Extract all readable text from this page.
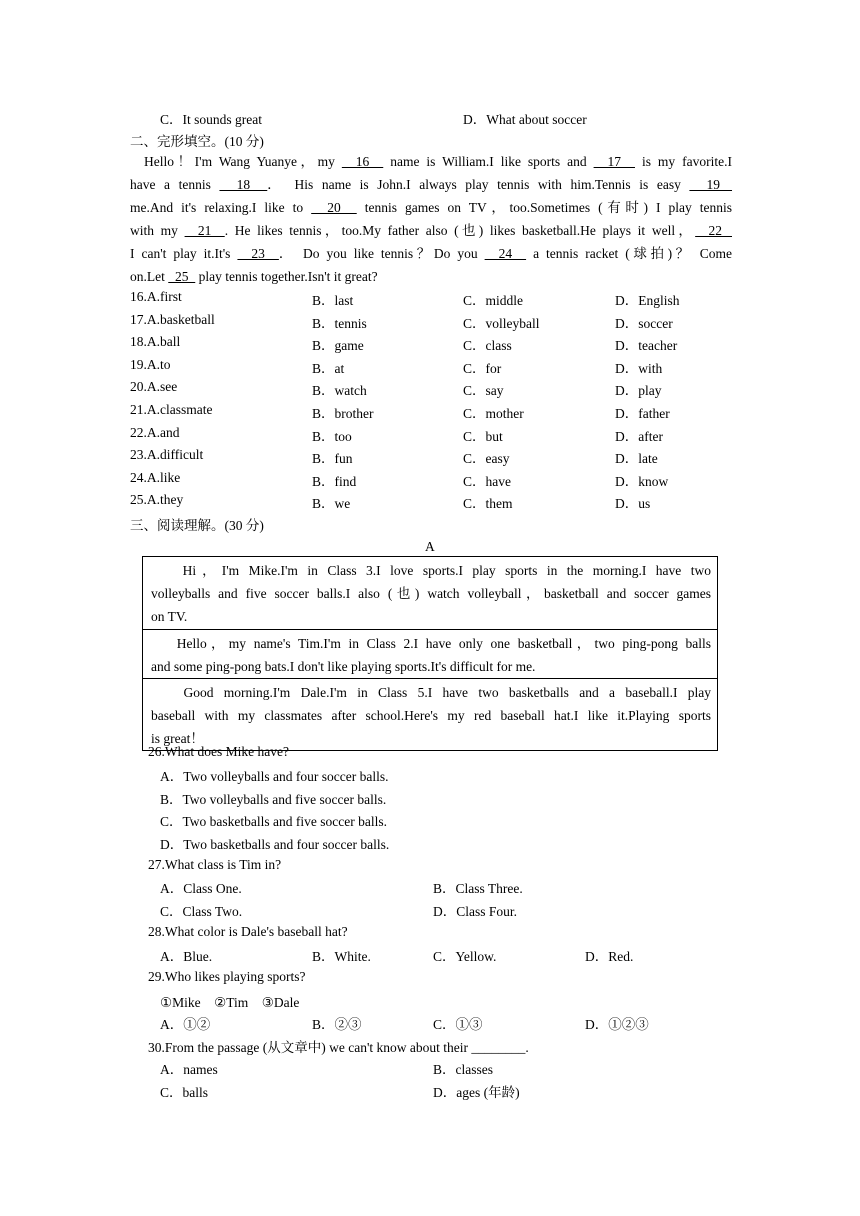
C．It sounds great	D．What about soccer
二、完形填空。(10 分)
Hello！I'm Wang Yuanye，my   16   name is William.I like sports and   17   is my favorite.I
have a tennis   18  ． His name is John.I always play tennis with him.Tennis is easy   19
me.And it's relaxing.I like to   20   tennis games on TV，too.Sometimes (有时) I play tennis
with my   21  . He likes tennis，too.My father also (也) likes basketball.He plays it well，  22
I can't play it.It's   23  ． Do you like tennis？Do you   24   a tennis racket (球拍)？ Come
on.Let   25   play tennis together.Isn't it great?
16.A.first	B．last	C．middle	D．English
17.A.basketball	B．tennis	C．volleyball	D．soccer
18.A.ball	B．game	C．class	D．teacher
19.A.to	B．at	C．for	D．with
20.A.see	B．watch	C．say	D．play
21.A.classmate	B．brother	C．mother	D．father
22.A.and	B．too	C．but	D．after
23.A.difficult	B．fun	C．easy	D．late
24.A.like	B．find	C．have	D．know
25.A.they	B．we	C．them	D．us
三、阅读理解。(30 分)
A
　Hi，I'm Mike.I'm in Class 3.I love sports.I play sports in the morning.I have two
volleyballs and five soccer balls.I also (也) watch volleyball，basketball and soccer games
on TV.
　Hello，my name's Tim.I'm in Class 2.I have only one basketball，two ping-pong balls
and some ping-pong bats.I don't like playing sports.It's difficult for me.
　Good morning.I'm Dale.I'm in Class 5.I have two basketballs and a baseball.I play
baseball with my classmates after school.Here's my red baseball hat.I like it.Playing sports
is great！
26.What does Mike have?
A．Two volleyballs and four soccer balls.
B．Two volleyballs and five soccer balls.
C．Two basketballs and five soccer balls.
D．Two basketballs and four soccer balls.
27.What class is Tim in?
A．Class One.	B．Class Three.
C．Class Two.	D．Class Four.
28.What color is Dale's baseball hat?
A．Blue.	B．White.	C．Yellow.	D．Red.
29.Who likes playing sports?
①Mike　②Tim　③Dale
A．①②	B．②③	C．①③	D．①②③
30.From the passage (从文章中) we can't know about their ________.
A．names	B．classes
C．balls	D．ages (年龄)
